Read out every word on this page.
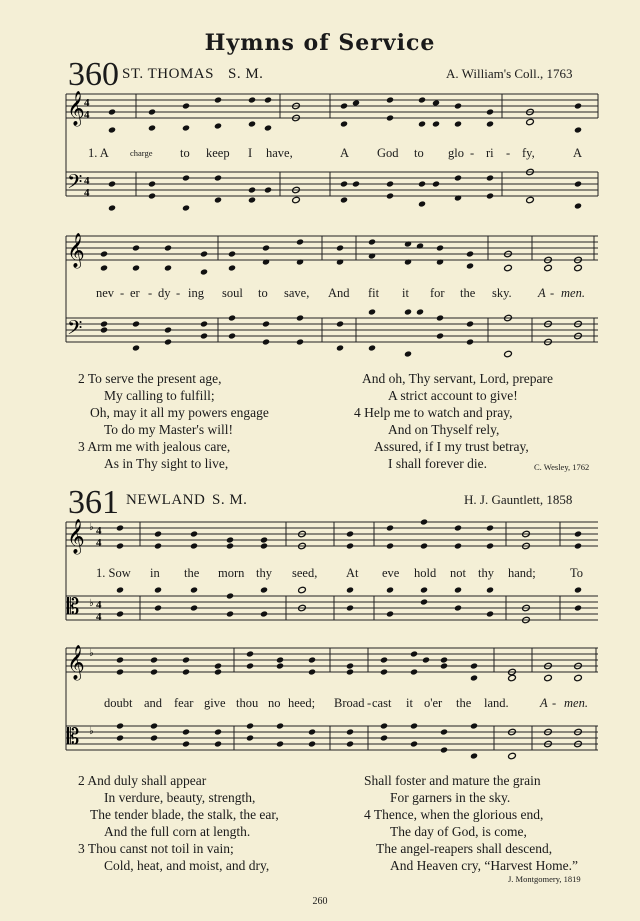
Hymns of Service
360 ST. THOMAS S. M.	A. William's Coll., 1763
𝄞
𝄢
4
4
4
4
𝄞
𝄢
𝄞
𝄡
♭ 4
4
♭ 4
4
𝄞
𝄡
♭
♭
1. A charge to keep I have,	A God to glo - ri - fy,	A
nev - er - dy - ing soul to save, And fit it for the sky. A - men.
2 To serve the present age,
My calling to fulfill;
Oh, may it all my powers engage
To do my Master's will!
3 Arm me with jealous care,
As in Thy sight to live,
And oh, Thy servant, Lord, prepare
A strict account to give!
4 Help me to watch and pray,
And on Thyself rely,
Assured, if I my trust betray,
I shall forever die.	C. Wesley, 1762
361 NEWLAND S. M.	H. J. Gauntlett, 1858
1. Sow in the morn thy seed, At eve hold not thy hand;	To
doubt and fear give thou no heed; Broad - cast it o'er the land.	A - men.
2 And duly shall appear
In verdure, beauty, strength,
The tender blade, the stalk, the ear,
And the full corn at length.
3 Thou canst not toil in vain;
Cold, heat, and moist, and dry,
Shall foster and mature the grain
For garners in the sky.
4 Thence, when the glorious end,
The day of God, is come,
The angel-reapers shall descend,
And Heaven cry, “Harvest Home.”
260
J. Montgomery, 1819
